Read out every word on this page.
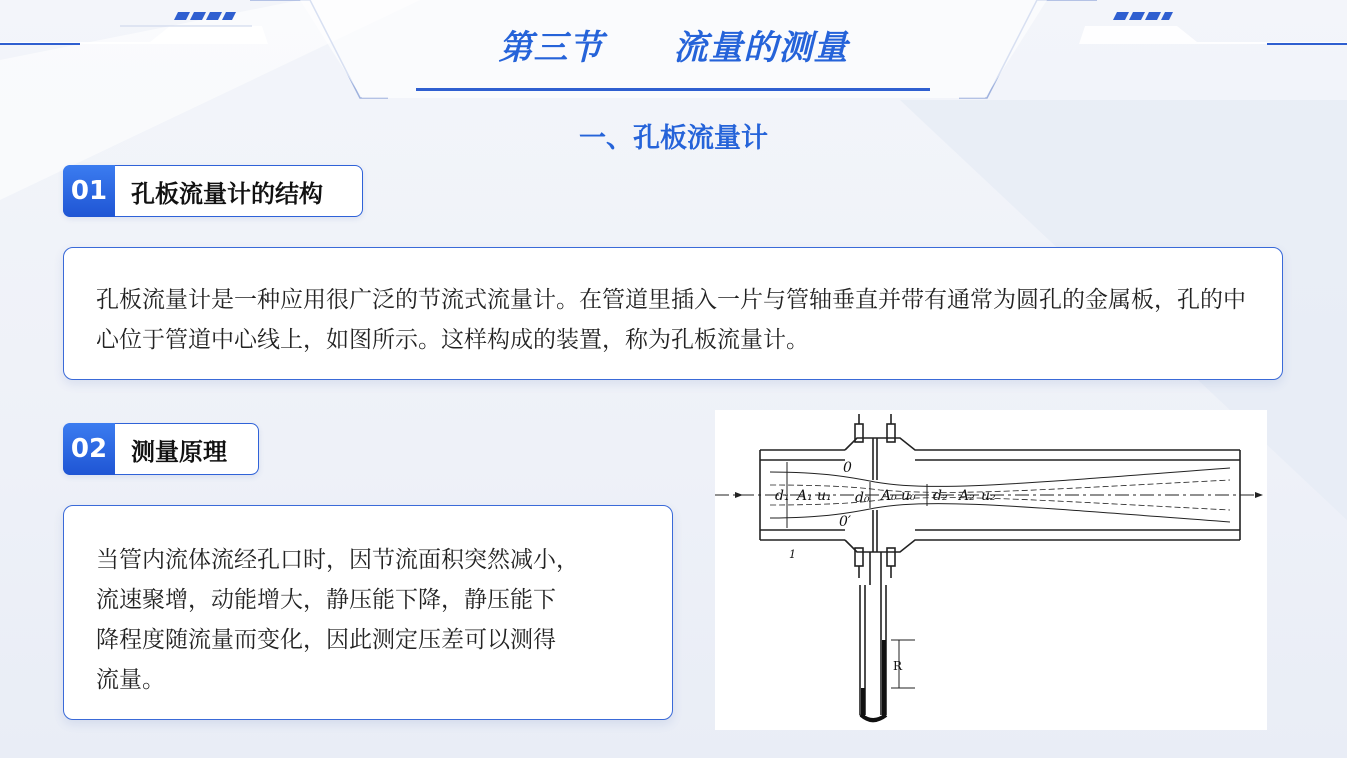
第三节 流量的测量
一、孔板流量计
01 孔板流量计的结构

孔板流量计是一种应用很广泛的节流式流量计。在管道里插入一片与管轴垂直并带有通常为圆孔的金属板，孔的中心位于管道中心线上，如图所示。这样构成的装置，称为孔板流量计。

02 测量原理

当管内流体流经孔口时，因节流面积突然减小，

流速聚增，动能增大，静压能下降，静压能下

降程度随流量而变化，因此测定压差可以测得

流量。

d₁ A₁ u₁ d₀ A₀ u₀ d₂ A₂ u₂
0
0′
1
R
